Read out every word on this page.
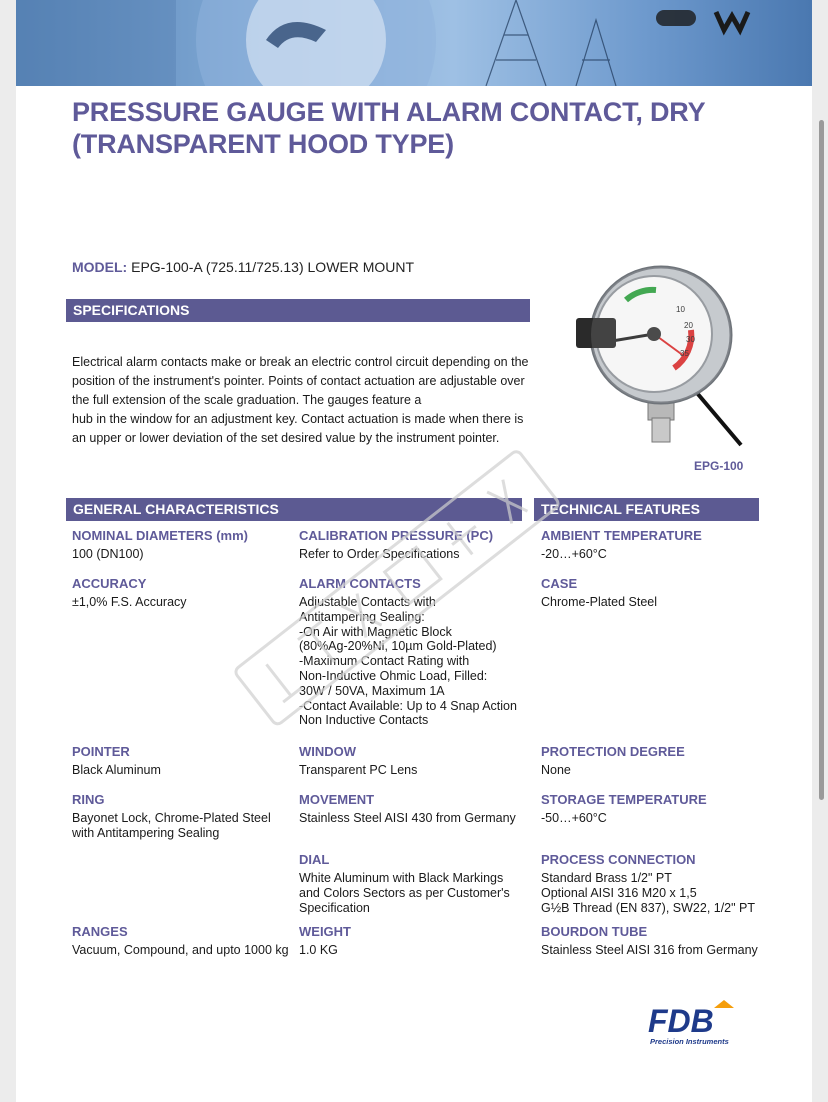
PRESSURE GAUGE WITH ALARM CONTACT, DRY (TRANSPARENT HOOD TYPE)
MODEL: EPG-100-A (725.11/725.13) LOWER MOUNT
SPECIFICATIONS

Electrical alarm contacts make or break an electric control circuit depending on the

position of the instrument's pointer. Points of contact actuation are adjustable over

the full extension of the scale graduation. The gauges feature a

hub in the window for an adjustment key. Contact actuation is made when there is

an upper or lower deviation of the set desired value by the instrument pointer.

10
20
30
35
EPG-100
GENERAL CHARACTERISTICS	TECHNICAL FEATURES
NOMINAL DIAMETERS (mm)
100 (DN100)
ACCURACY
±1,0% F.S. Accuracy
POINTER
Black Aluminum
RING
Bayonet Lock, Chrome-Plated Steel
with Antitampering Sealing
RANGES
Vacuum, Compound, and upto 1000 kg
CALIBRATION PRESSURE (PC)
Refer to Order Specifications
ALARM CONTACTS
Adjustable Contacts with
Antitampering Sealing:
-On Air with Magnetic Block
(80%Ag-20%Ni, 10µm Gold-Plated)
-Maximum Contact Rating with
Non-Inductive Ohmic Load, Filled:
30W / 50VA, Maximum 1A
-Contact Available: Up to 4 Snap Action
Non Inductive Contacts
WINDOW
Transparent PC Lens
MOVEMENT
Stainless Steel AISI 430 from Germany
DIAL
White Aluminum with Black Markings
and Colors Sectors as per Customer's
Specification
WEIGHT
1.0 KG
AMBIENT TEMPERATURE
-20…+60°C
CASE
Chrome-Plated Steel
PROTECTION DEGREE
None
STORAGE TEMPERATURE
-50…+60°C
PROCESS CONNECTION
Standard Brass 1/2" PT
Optional AISI 316 M20 x 1,5
G½B Thread (EN 837), SW22, 1/2" PT
BOURDON TUBE
Stainless Steel AISI 316 from Germany
FDB
Precision Instruments
